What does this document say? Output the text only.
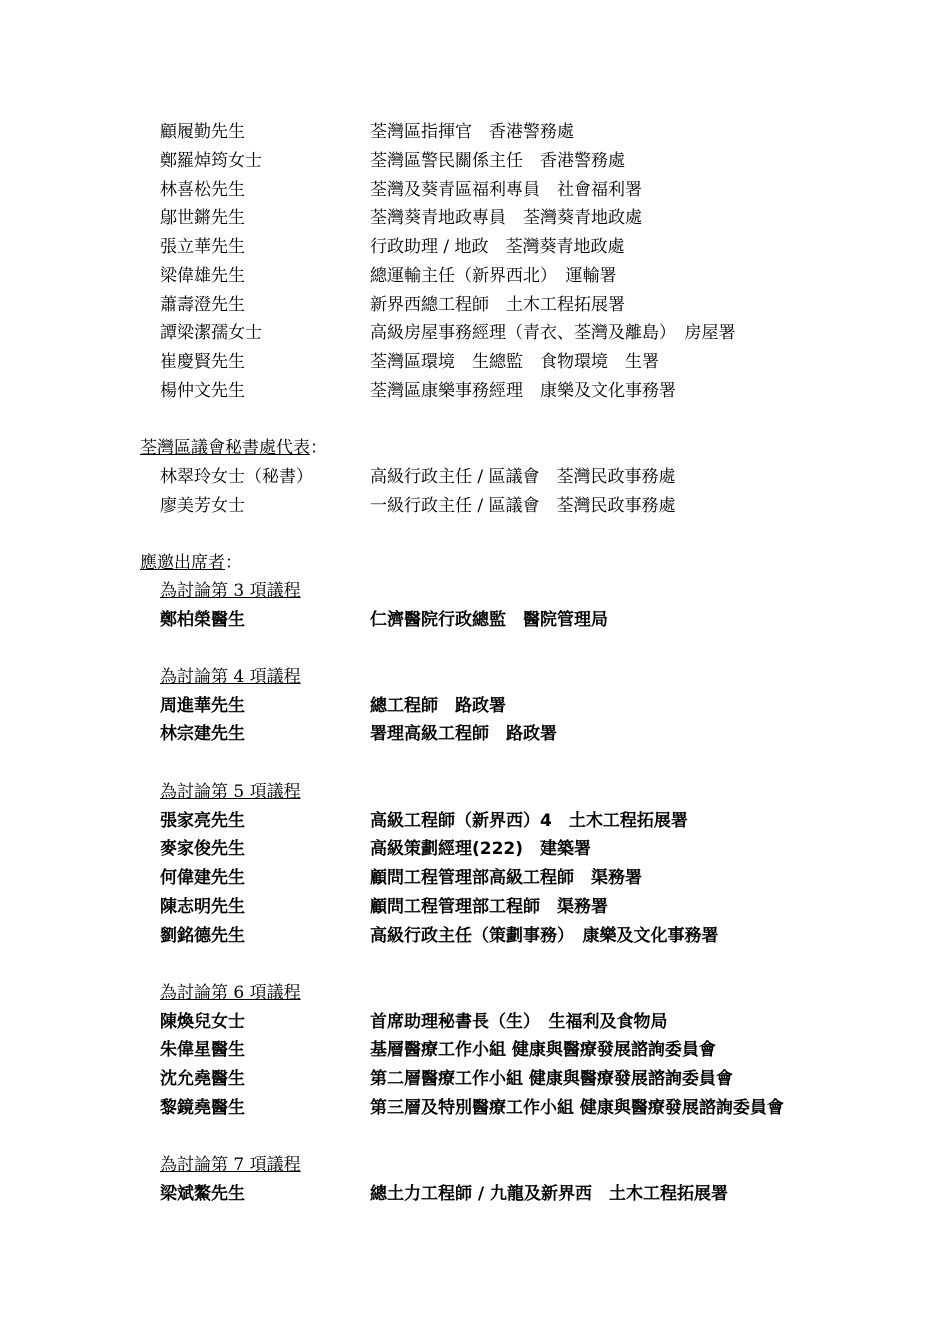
顧履勤先生	荃灣區指揮官　香港警務處
鄭羅焯筠女士	荃灣區警民關係主任　香港警務處
林喜松先生	荃灣及葵青區福利專員　社會福利署
鄔世鏘先生	荃灣葵青地政專員　荃灣葵青地政處
張立華先生	行政助理 / 地政　荃灣葵青地政處
梁偉雄先生	總運輸主任（新界西北）　運輸署
蕭壽澄先生	新界西總工程師　土木工程拓展署
譚梁潔孺女士	高級房屋事務經理（青衣、荃灣及離島）　房屋署
崔慶賢先生	荃灣區環境　生總監　食物環境　生署
楊仲文先生	荃灣區康樂事務經理　康樂及文化事務署
荃灣區議會秘書處代表：
林翠玲女士（秘書）	高級行政主任 / 區議會　荃灣民政事務處
廖美芳女士	一級行政主任 / 區議會　荃灣民政事務處
應邀出席者：
為討論第 3 項議程
鄭柏榮醫生	仁濟醫院行政總監　醫院管理局
為討論第 4 項議程
周進華先生	總工程師　路政署
林宗建先生	署理高級工程師　路政署
為討論第 5 項議程
張家亮先生	高級工程師（新界西）4　土木工程拓展署
麥家俊先生	高級策劃經理(222)　建築署
何偉建先生	顧問工程管理部高級工程師　渠務署
陳志明先生	顧問工程管理部工程師　渠務署
劉銘德先生	高級行政主任（策劃事務）　康樂及文化事務署
為討論第 6 項議程
陳煥兒女士	首席助理秘書長（生）　生福利及食物局
朱偉星醫生	基層醫療工作小組 健康與醫療發展諮詢委員會
沈允堯醫生	第二層醫療工作小組 健康與醫療發展諮詢委員會
黎鏡堯醫生	第三層及特別醫療工作小組 健康與醫療發展諮詢委員會
為討論第 7 項議程
梁斌鰲先生	總土力工程師 / 九龍及新界西　土木工程拓展署
